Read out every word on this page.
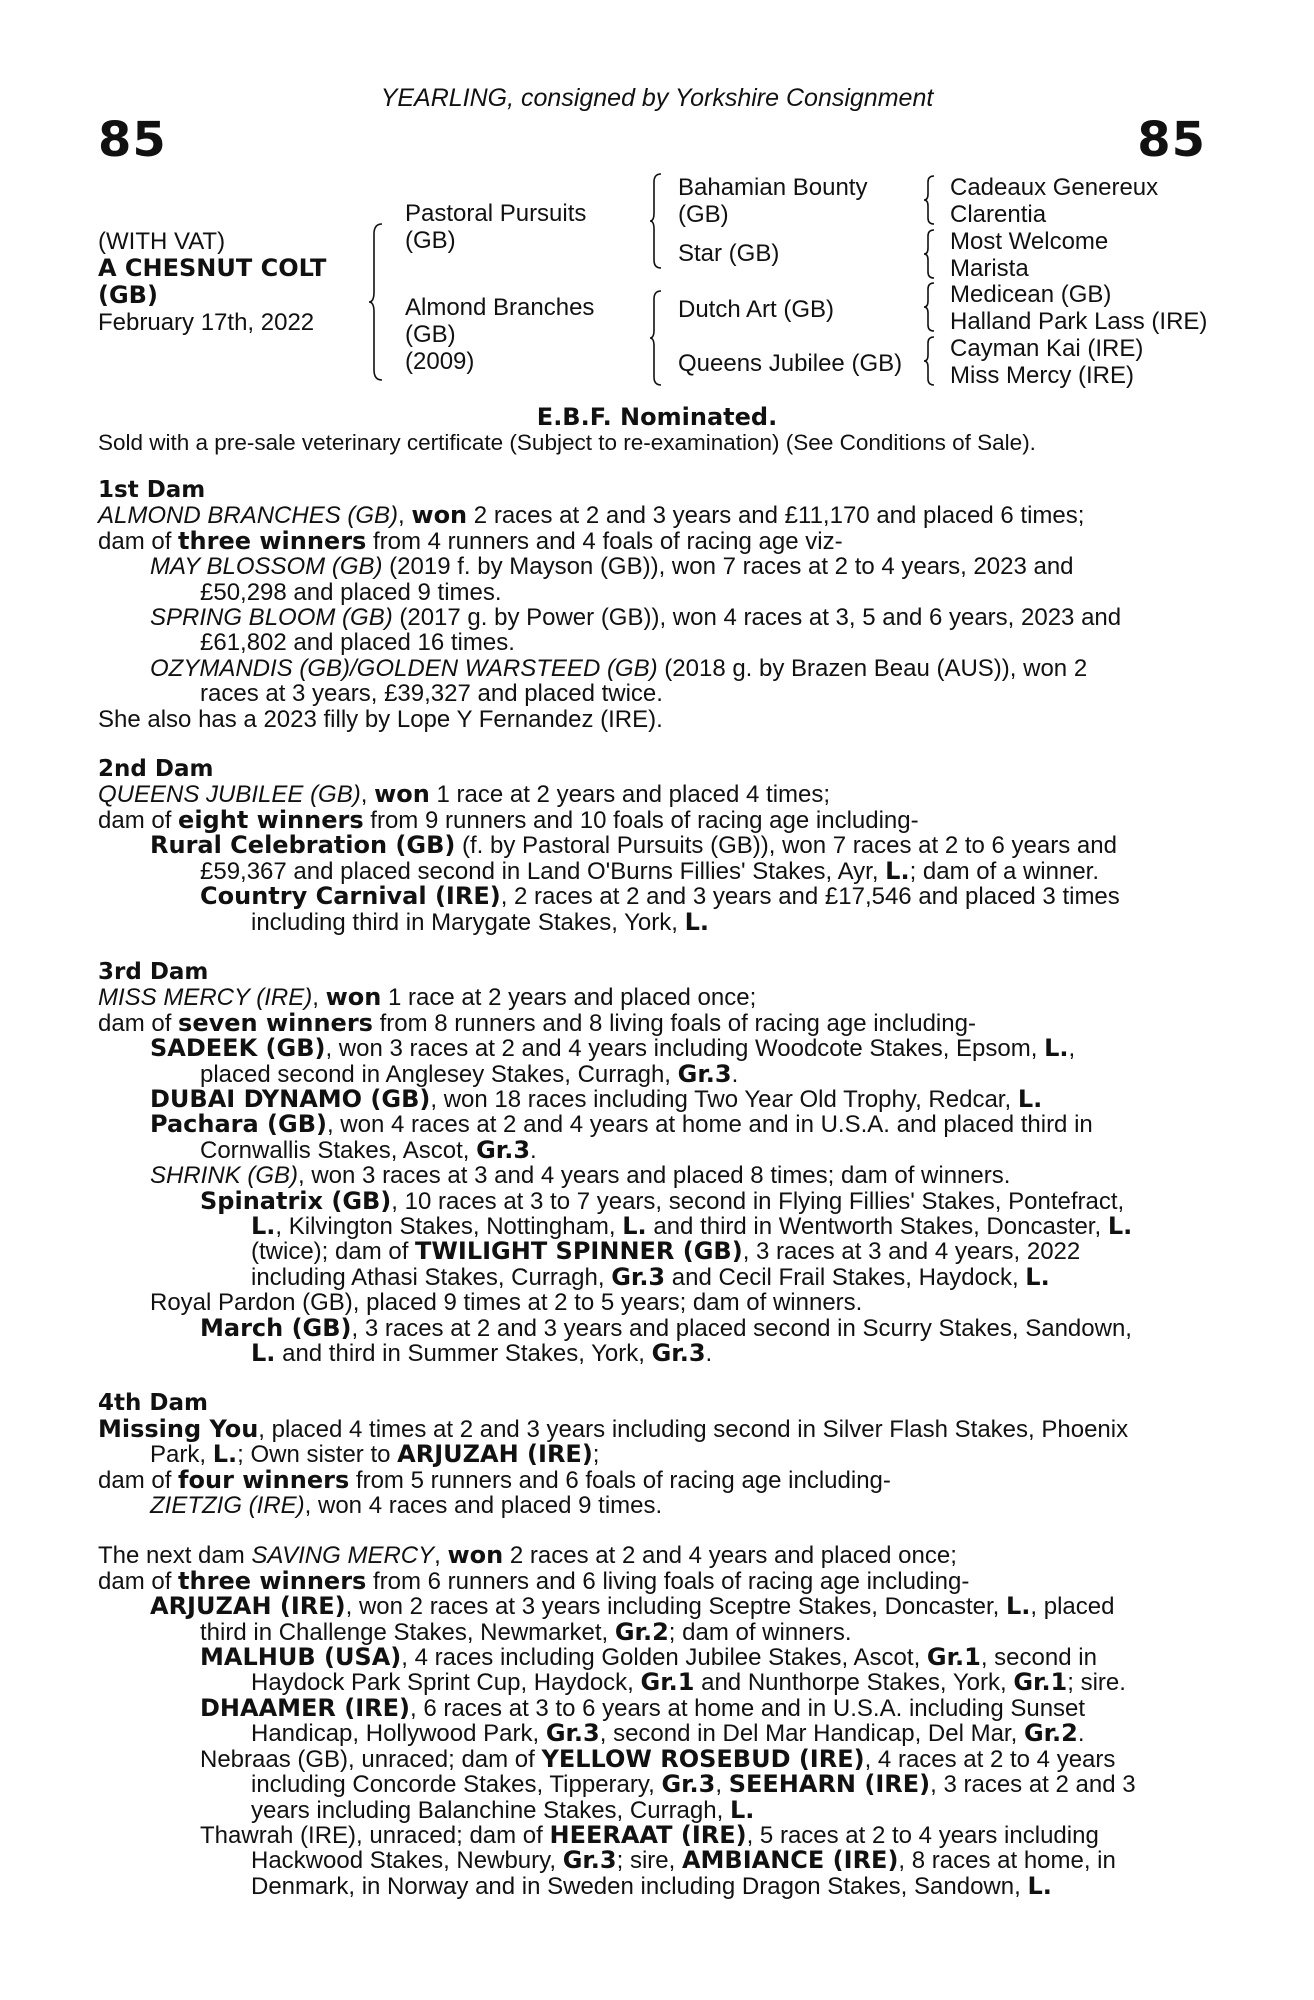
YEARLING, consigned by Yorkshire Consignment
85	85
(WITH VAT)
A CHESNUT COLT
(GB)
February 17th, 2022
Pastoral Pursuits
(GB)
Almond Branches
(GB)
(2009)
Bahamian Bounty
(GB)
Star (GB)
Dutch Art (GB)
Queens Jubilee (GB)
Cadeaux Genereux
Clarentia
Most Welcome
Marista
Medicean (GB)
Halland Park Lass (IRE)
Cayman Kai (IRE)
Miss Mercy (IRE)
E.B.F. Nominated.
Sold with a pre-sale veterinary certificate (Subject to re-examination) (See Conditions of Sale).
1st Dam
ALMOND BRANCHES (GB), won 2 races at 2 and 3 years and £11,170 and placed 6 times;
dam of three winners from 4 runners and 4 foals of racing age viz-
MAY BLOSSOM (GB) (2019 f. by Mayson (GB)), won 7 races at 2 to 4 years, 2023 and
£50,298 and placed 9 times.
SPRING BLOOM (GB) (2017 g. by Power (GB)), won 4 races at 3, 5 and 6 years, 2023 and
£61,802 and placed 16 times.
OZYMANDIS (GB)/GOLDEN WARSTEED (GB) (2018 g. by Brazen Beau (AUS)), won 2
races at 3 years, £39,327 and placed twice.
She also has a 2023 filly by Lope Y Fernandez (IRE).
2nd Dam
QUEENS JUBILEE (GB), won 1 race at 2 years and placed 4 times;
dam of eight winners from 9 runners and 10 foals of racing age including-
Rural Celebration (GB) (f. by Pastoral Pursuits (GB)), won 7 races at 2 to 6 years and
£59,367 and placed second in Land O'Burns Fillies' Stakes, Ayr, L.; dam of a winner.
Country Carnival (IRE), 2 races at 2 and 3 years and £17,546 and placed 3 times
including third in Marygate Stakes, York, L.
3rd Dam
MISS MERCY (IRE), won 1 race at 2 years and placed once;
dam of seven winners from 8 runners and 8 living foals of racing age including-
SADEEK (GB), won 3 races at 2 and 4 years including Woodcote Stakes, Epsom, L.,
placed second in Anglesey Stakes, Curragh, Gr.3.
DUBAI DYNAMO (GB), won 18 races including Two Year Old Trophy, Redcar, L.
Pachara (GB), won 4 races at 2 and 4 years at home and in U.S.A. and placed third in
Cornwallis Stakes, Ascot, Gr.3.
SHRINK (GB), won 3 races at 3 and 4 years and placed 8 times; dam of winners.
Spinatrix (GB), 10 races at 3 to 7 years, second in Flying Fillies' Stakes, Pontefract,
L., Kilvington Stakes, Nottingham, L. and third in Wentworth Stakes, Doncaster, L.
(twice); dam of TWILIGHT SPINNER (GB), 3 races at 3 and 4 years, 2022
including Athasi Stakes, Curragh, Gr.3 and Cecil Frail Stakes, Haydock, L.
Royal Pardon (GB), placed 9 times at 2 to 5 years; dam of winners.
March (GB), 3 races at 2 and 3 years and placed second in Scurry Stakes, Sandown,
L. and third in Summer Stakes, York, Gr.3.
4th Dam
Missing You, placed 4 times at 2 and 3 years including second in Silver Flash Stakes, Phoenix
Park, L.; Own sister to ARJUZAH (IRE);
dam of four winners from 5 runners and 6 foals of racing age including-
ZIETZIG (IRE), won 4 races and placed 9 times.
The next dam SAVING MERCY, won 2 races at 2 and 4 years and placed once;
dam of three winners from 6 runners and 6 living foals of racing age including-
ARJUZAH (IRE), won 2 races at 3 years including Sceptre Stakes, Doncaster, L., placed
third in Challenge Stakes, Newmarket, Gr.2; dam of winners.
MALHUB (USA), 4 races including Golden Jubilee Stakes, Ascot, Gr.1, second in
Haydock Park Sprint Cup, Haydock, Gr.1 and Nunthorpe Stakes, York, Gr.1; sire.
DHAAMER (IRE), 6 races at 3 to 6 years at home and in U.S.A. including Sunset
Handicap, Hollywood Park, Gr.3, second in Del Mar Handicap, Del Mar, Gr.2.
Nebraas (GB), unraced; dam of YELLOW ROSEBUD (IRE), 4 races at 2 to 4 years
including Concorde Stakes, Tipperary, Gr.3, SEEHARN (IRE), 3 races at 2 and 3
years including Balanchine Stakes, Curragh, L.
Thawrah (IRE), unraced; dam of HEERAAT (IRE), 5 races at 2 to 4 years including
Hackwood Stakes, Newbury, Gr.3; sire, AMBIANCE (IRE), 8 races at home, in
Denmark, in Norway and in Sweden including Dragon Stakes, Sandown, L.
